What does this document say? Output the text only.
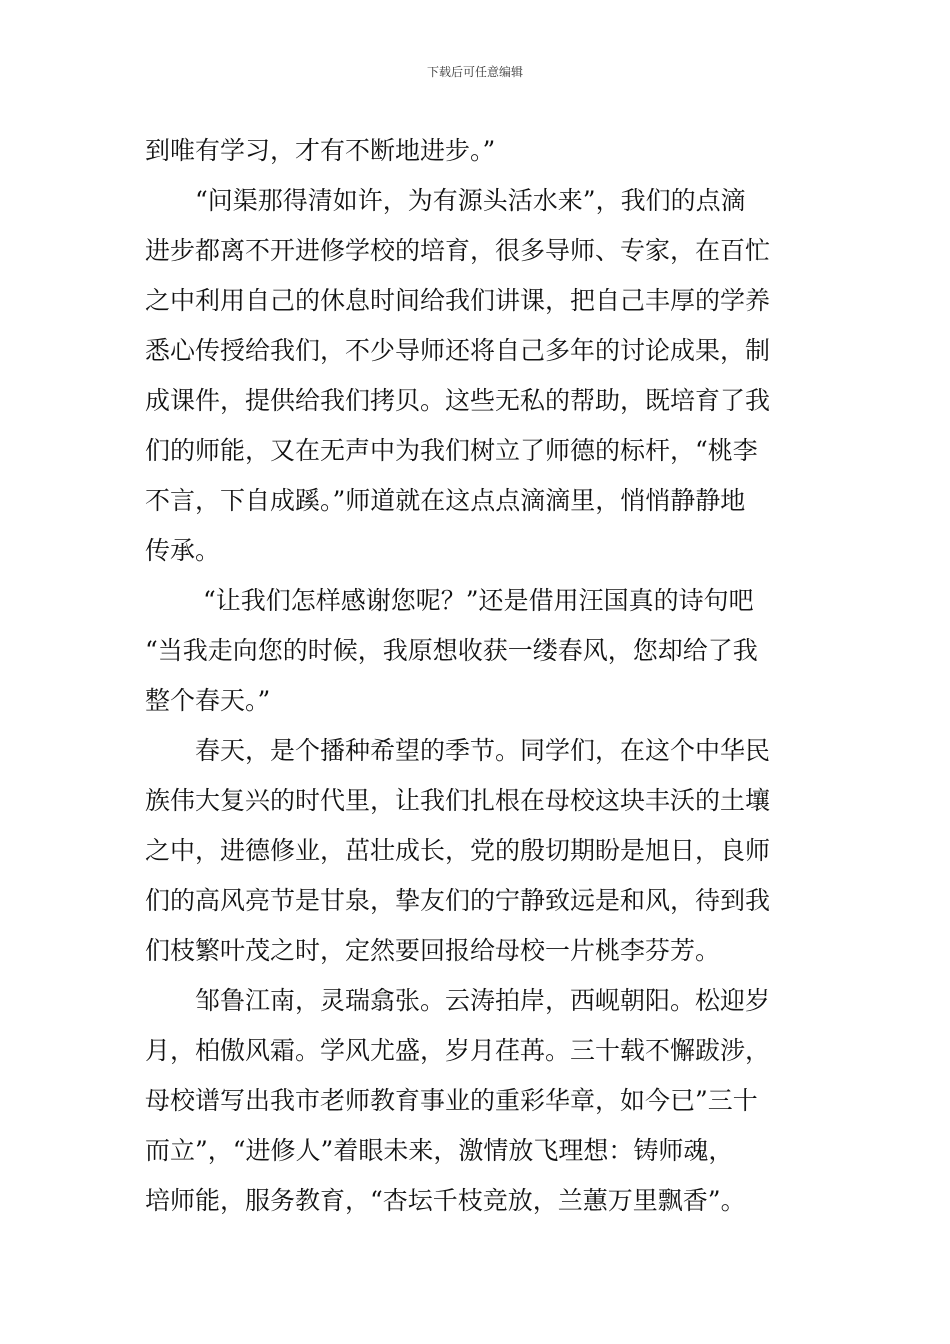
下载后可任意编辑
到唯有学习，才有不断地进步。”
“问渠那得清如许，为有源头活水来”，我们的点滴
进步都离不开进修学校的培育，很多导师、专家，在百忙
之中利用自己的休息时间给我们讲课，把自己丰厚的学养
悉心传授给我们，不少导师还将自己多年的讨论成果，制
成课件，提供给我们拷贝。这些无私的帮助，既培育了我
们的师能，又在无声中为我们树立了师德的标杆，“桃李
不言，下自成蹊。”师道就在这点点滴滴里，悄悄静静地
传承。
“让我们怎样感谢您呢？”还是借用汪国真的诗句吧
“当我走向您的时候，我原想收获一缕春风，您却给了我
整个春天。”
春天，是个播种希望的季节。同学们，在这个中华民
族伟大复兴的时代里，让我们扎根在母校这块丰沃的土壤
之中，进德修业，茁壮成长，党的殷切期盼是旭日，良师
们的高风亮节是甘泉，挚友们的宁静致远是和风，待到我
们枝繁叶茂之时，定然要回报给母校一片桃李芬芳。
邹鲁江南，灵瑞翕张。云涛拍岸，西岘朝阳。松迎岁
月，柏傲风霜。学风尤盛，岁月荏苒。三十载不懈跋涉，
母校谱写出我市老师教育事业的重彩华章，如今已”三十
而立”，“进修人”着眼未来，激情放飞理想：铸师魂，
培师能，服务教育，“杏坛千枝竞放，兰蕙万里飘香”。
